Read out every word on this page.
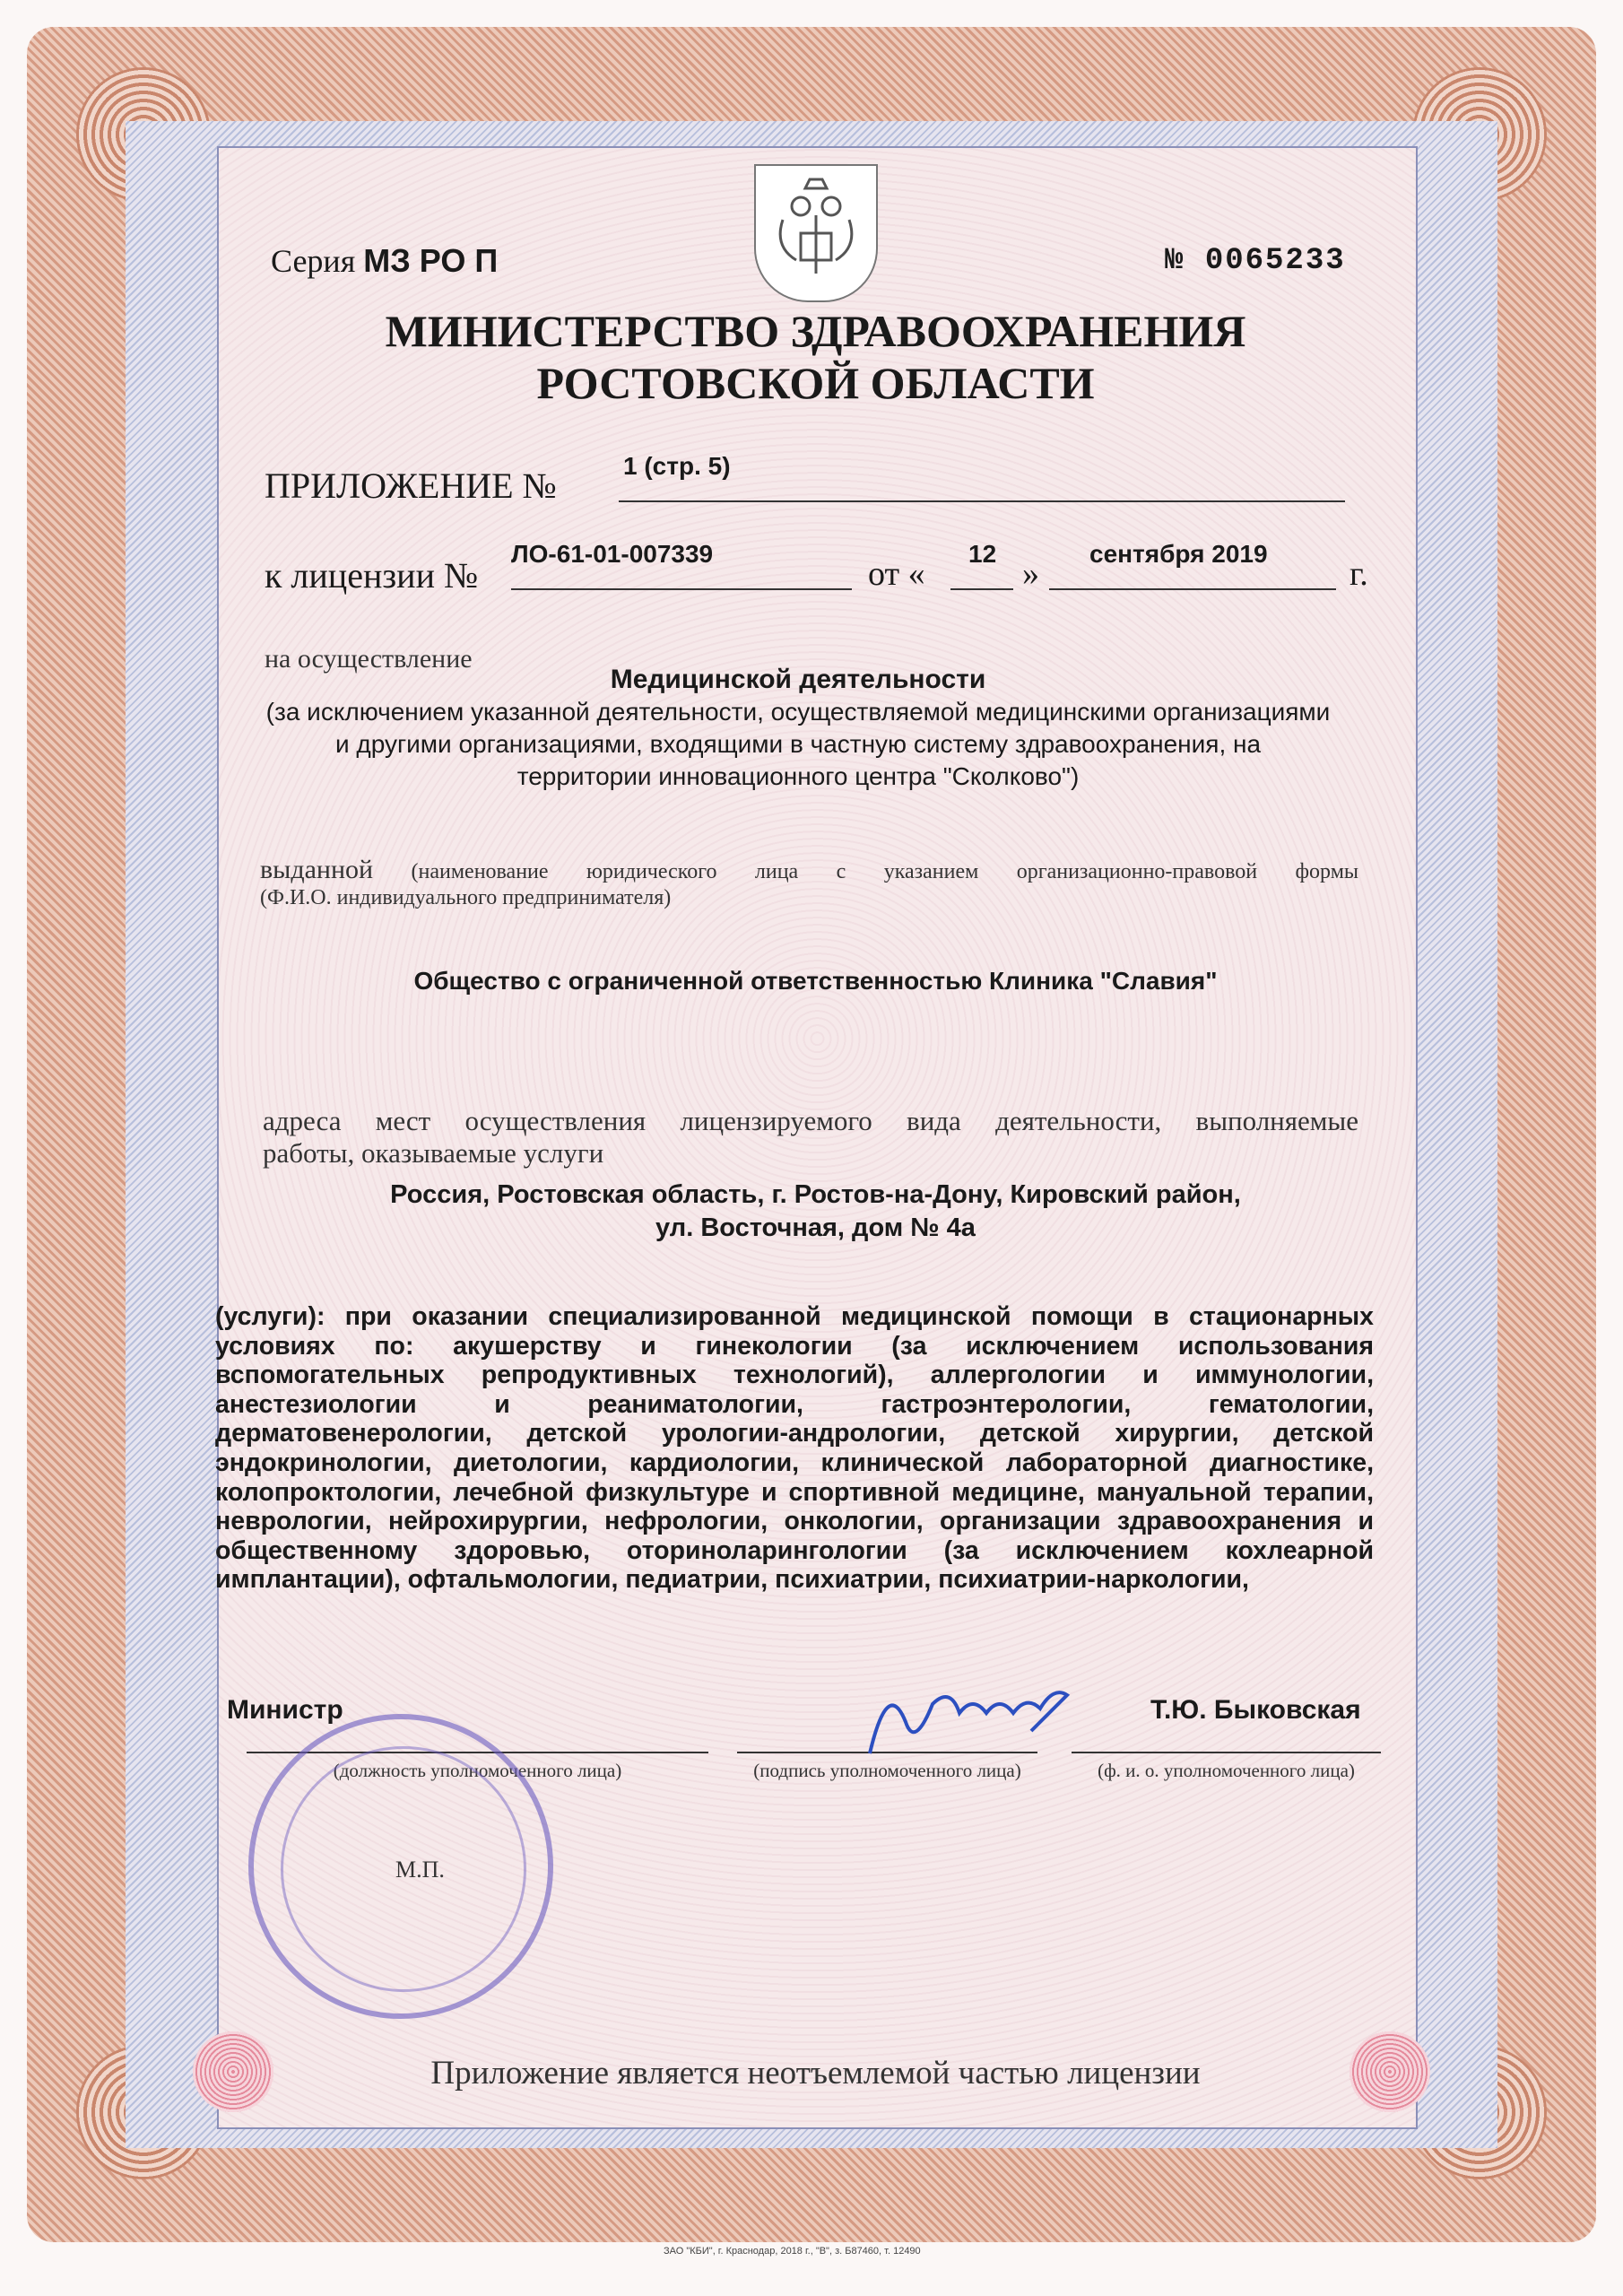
Серия МЗ РО П	№ 0065233
МИНИСТЕРСТВО ЗДРАВООХРАНЕНИЯ
РОСТОВСКОЙ ОБЛАСТИ
ПРИЛОЖЕНИЕ №	1 (стр. 5)
к лицензии №
ЛО-61-01-007339
от «
12
»
сентября 2019
г.
на осуществление
Медицинской деятельности
(за исключением указанной деятельности, осуществляемой медицинскими организациями
и другими организациями, входящими в частную систему здравоохранения, на
территории инновационного центра "Сколково")
выданной (наименование юридического лица с указанием организационно-правовой формы
(Ф.И.О. индивидуального предпринимателя)
Общество с ограниченной ответственностью Клиника "Славия"
адреса мест осуществления лицензируемого вида деятельности, выполняемые
работы, оказываемые услуги
Россия, Ростовская область, г. Ростов-на-Дону, Кировский район,
ул. Восточная, дом № 4а
(услуги): при оказании специализированной медицинской помощи в стационарных условиях по: акушерству и гинекологии (за исключением использования вспомогательных репродуктивных технологий), аллергологии и иммунологии, анестезиологии и реаниматологии, гастроэнтерологии, гематологии, дерматовенерологии, детской урологии-андрологии, детской хирургии, детской эндокринологии, диетологии, кардиологии, клинической лабораторной диагностике, колопроктологии, лечебной физкультуре и спортивной медицине, мануальной терапии, неврологии, нейрохирургии, нефрологии, онкологии, организации здравоохранения и общественному здоровью, оториноларингологии (за исключением кохлеарной имплантации), офтальмологии, педиатрии, психиатрии, психиатрии-наркологии,
Министр	Т.Ю. Быковская
(должность уполномоченного лица)	(подпись уполномоченного лица)	(ф. и. о. уполномоченного лица)
М.П.
Приложение является неотъемлемой частью лицензии
ЗАО "КБИ", г. Краснодар, 2018 г., "В", з. Б87460, т. 12490
